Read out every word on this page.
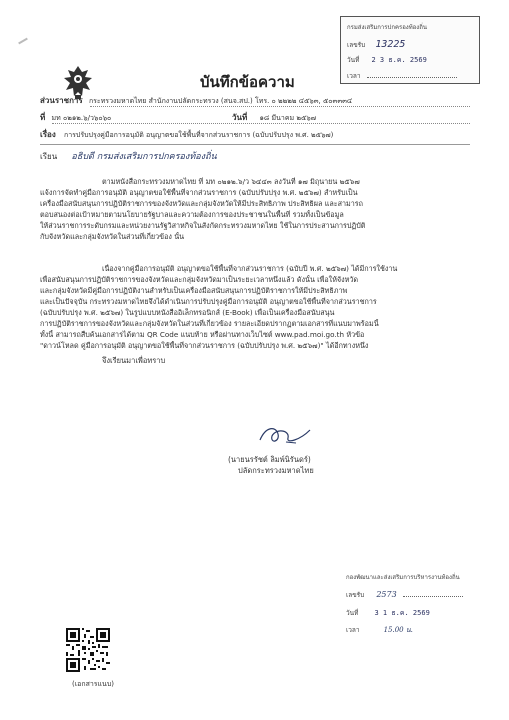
บันทึกข้อความ
กรมส่งเสริมการปกครองท้องถิ่น
เลขรับ 13225
วันที่ 2 3 ธ.ค. 2569
เวลา
ส่วนราชการ กระทรวงมหาดไทย สำนักงานปลัดกระทรวง (สนจ.สป.) โทร. ๐ ๒๒๒๒ ๔๕๖๓, ๕๐๓๓๓๔
ที่ มท ๐๒๑๒.๖/ว๖๐๖๐	วันที่ ๑๘ มีนาคม ๒๕๖๗
เรื่อง การปรับปรุงคู่มือการอนุมัติ อนุญาตขอใช้พื้นที่จากส่วนราชการ (ฉบับปรับปรุง พ.ศ. ๒๕๖๗)
เรียน อธิบดี กรมส่งเสริมการปกครองท้องถิ่น
ตามหนังสือกระทรวงมหาดไทย ที่ มท ๐๒๑๒.๖/ว ๖๔๔๓ ลงวันที่ ๑๗ มิถุนายน ๒๕๖๗
แจ้งการจัดทำคู่มือการอนุมัติ อนุญาตขอใช้พื้นที่จากส่วนราชการ (ฉบับปรับปรุง พ.ศ. ๒๕๖๗) สำหรับเป็น
เครื่องมือสนับสนุนการปฏิบัติราชการของจังหวัดและกลุ่มจังหวัดให้มีประสิทธิภาพ ประสิทธิผล และสามารถ
ตอบสนองต่อเป้าหมายตามนโยบายรัฐบาลและความต้องการของประชาชนในพื้นที่ รวมทั้งเป็นข้อมูล
ให้ส่วนราชการระดับกรมและหน่วยงานรัฐวิสาหกิจในสังกัดกระทรวงมหาดไทย ใช้ในการประสานการปฏิบัติ
กับจังหวัดและกลุ่มจังหวัดในส่วนที่เกี่ยวข้อง นั้น
เนื่องจากคู่มือการอนุมัติ อนุญาตขอใช้พื้นที่จากส่วนราชการ (ฉบับปี พ.ศ. ๒๕๖๗) ได้มีการใช้งาน
เพื่อสนับสนุนการปฏิบัติราชการของจังหวัดและกลุ่มจังหวัดมาเป็นระยะเวลาหนึ่งแล้ว ดังนั้น เพื่อให้จังหวัด
และกลุ่มจังหวัดมีคู่มือการปฏิบัติงานสำหรับเป็นเครื่องมือสนับสนุนการปฏิบัติราชการให้มีประสิทธิภาพ
และเป็นปัจจุบัน กระทรวงมหาดไทยจึงได้ดำเนินการปรับปรุงคู่มือการอนุมัติ อนุญาตขอใช้พื้นที่จากส่วนราชการ
(ฉบับปรับปรุง พ.ศ. ๒๕๖๗) ในรูปแบบหนังสืออิเล็กทรอนิกส์ (E-Book) เพื่อเป็นเครื่องมือสนับสนุน
การปฏิบัติราชการของจังหวัดและกลุ่มจังหวัดในส่วนที่เกี่ยวข้อง รายละเอียดปรากฏตามเอกสารที่แนบมาพร้อมนี้
ทั้งนี้ สามารถสืบค้นเอกสารได้ตาม QR Code แนบท้าย หรือผ่านทางเว็บไซต์ www.pad.moi.go.th หัวข้อ
"ดาวน์โหลด คู่มือการอนุมัติ อนุญาตขอใช้พื้นที่จากส่วนราชการ (ฉบับปรับปรุง พ.ศ. ๒๕๖๗)" ได้อีกทางหนึ่ง
จึงเรียนมาเพื่อทราบ
(นายนรรัชต์ ลิมพ์นิรันดร์)
ปลัดกระทรวงมหาดไทย
กองพัฒนาและส่งเสริมการบริหารงานท้องถิ่น
เลขรับ 2573
วันที่ 3 1 ธ.ค. 2569
เวลา	15.00 น.
(เอกสารแนบ)
